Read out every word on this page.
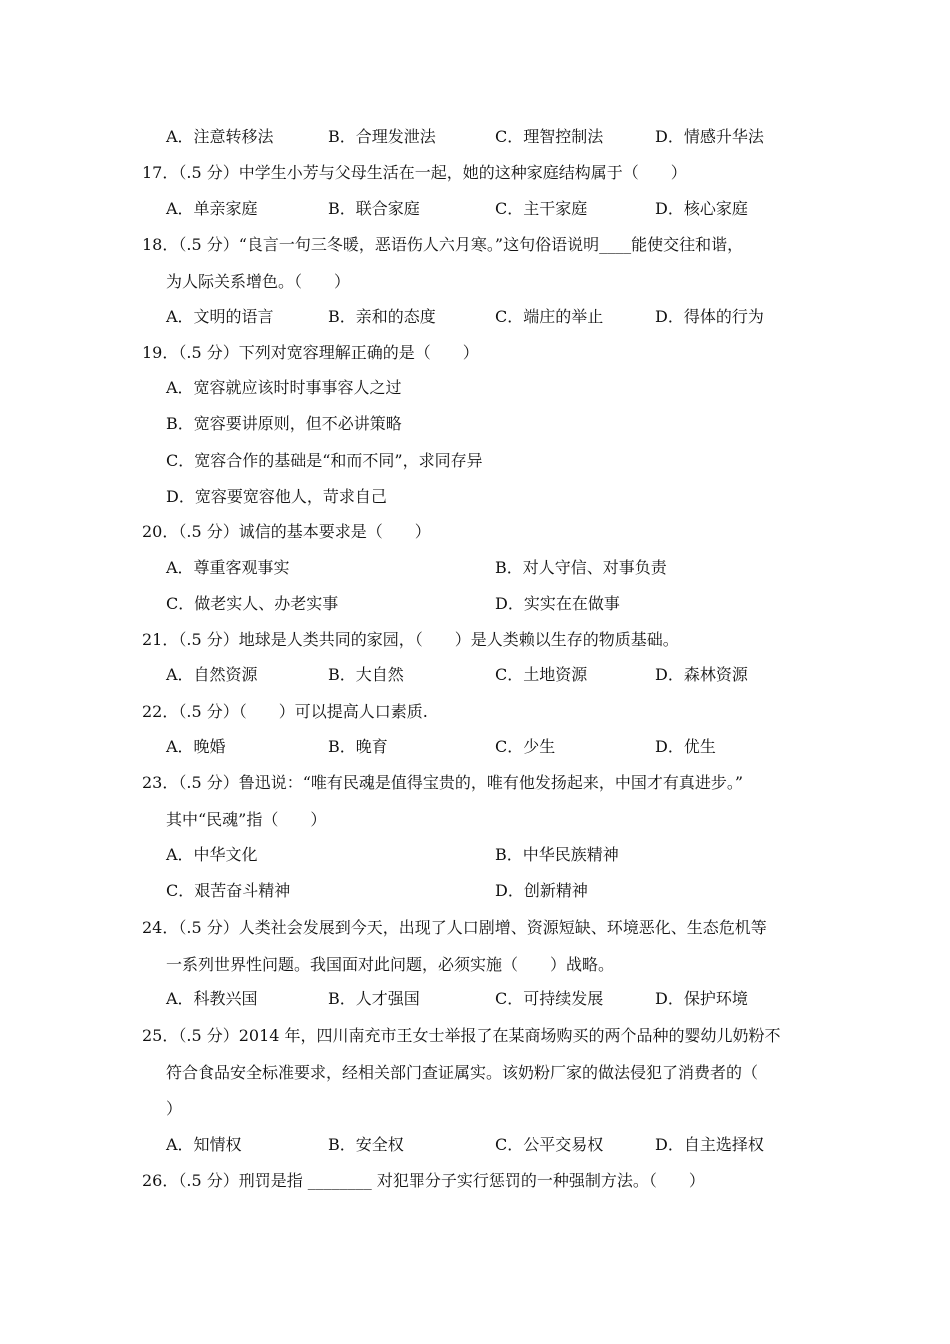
A．注意转移法	B．合理发泄法	C．理智控制法	D．情感升华法
17．（.5 分）中学生小芳与父母生活在一起，她的这种家庭结构属于（　　）
A．单亲家庭	B．联合家庭	C．主干家庭	D．核心家庭
18．（.5 分）“良言一句三冬暖，恶语伤人六月寒。”这句俗语说明____能使交往和谐，
为人际关系增色。（　　）
A．文明的语言	B．亲和的态度	C．端庄的举止	D．得体的行为
19．（.5 分）下列对宽容理解正确的是（　　）
A．宽容就应该时时事事容人之过
B．宽容要讲原则，但不必讲策略
C．宽容合作的基础是“和而不同”，求同存异
D．宽容要宽容他人，苛求自己
20．（.5 分）诚信的基本要求是（　　）
A．尊重客观事实	B．对人守信、对事负责
C．做老实人、办老实事	D．实实在在做事
21．（.5 分）地球是人类共同的家园，（　　）是人类赖以生存的物质基础。
A．自然资源	B．大自然	C．土地资源	D．森林资源
22．（.5 分）（　　）可以提高人口素质.
A．晚婚	B．晚育	C．少生	D．优生
23．（.5 分）鲁迅说：“唯有民魂是值得宝贵的，唯有他发扬起来，中国才有真进步。”
其中“民魂”指（　　）
A．中华文化	B．中华民族精神
C．艰苦奋斗精神	D．创新精神
24．（.5 分）人类社会发展到今天，出现了人口剧增、资源短缺、环境恶化、生态危机等
一系列世界性问题。我国面对此问题，必须实施（　　）战略。
A．科教兴国	B．人才强国	C．可持续发展	D．保护环境
25．（.5 分）2014 年，四川南充市王女士举报了在某商场购买的两个品种的婴幼儿奶粉不
符合食品安全标准要求，经相关部门查证属实。该奶粉厂家的做法侵犯了消费者的（
）
A．知情权	B．安全权	C．公平交易权	D．自主选择权
26．（.5 分）刑罚是指 ________ 对犯罪分子实行惩罚的一种强制方法。（　　）
